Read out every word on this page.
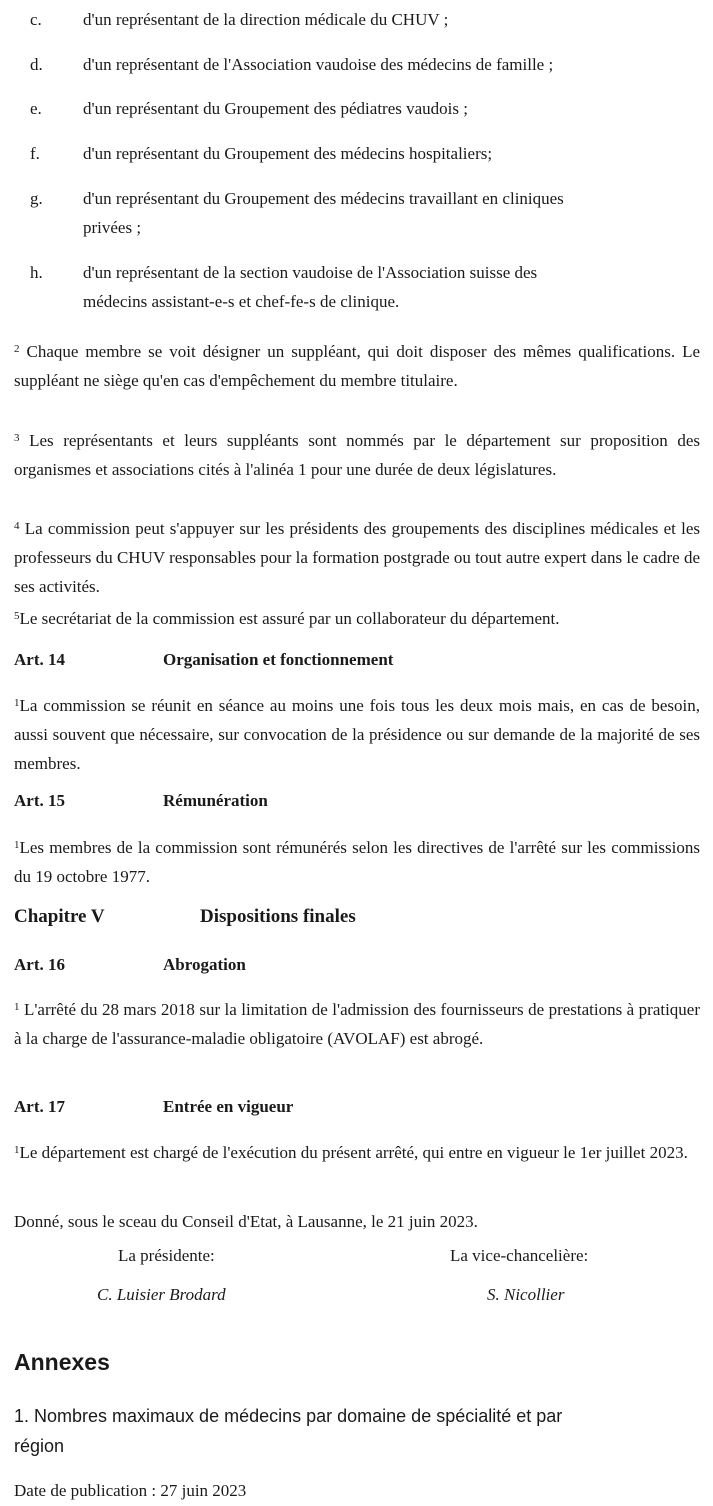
c. d'un représentant de la direction médicale du CHUV ;
d. d'un représentant de l'Association vaudoise des médecins de famille ;
e. d'un représentant du Groupement des pédiatres vaudois ;
f.	d'un représentant du Groupement des médecins hospitaliers;
g. d'un représentant du Groupement des médecins travaillant en cliniques
privées ;
h. d'un représentant de la section vaudoise de l'Association suisse des
médecins assistant-e-s et chef-fe-s de clinique.
$^2$ Chaque membre se voit désigner un suppléant, qui doit disposer des mêmes qualifications. Le suppléant ne siège qu'en cas d'empêchement du membre titulaire.
$^3$ Les représentants et leurs suppléants sont nommés par le département sur proposition des organismes et associations cités à l'alinéa 1 pour une durée de deux législatures.
$^4$ La commission peut s'appuyer sur les présidents des groupements des disciplines médicales et les professeurs du CHUV responsables pour la formation postgrade ou tout autre expert dans le cadre de ses activités.
$^5$Le secrétariat de la commission est assuré par un collaborateur du département.
Art. 14	Organisation et fonctionnement
$^1$La commission se réunit en séance au moins une fois tous les deux mois mais, en cas de besoin, aussi souvent que nécessaire, sur convocation de la présidence ou sur demande de la majorité de ses membres.
Art. 15	Rémunération
$^1$Les membres de la commission sont rémunérés selon les directives de l'arrêté sur les commissions du 19 octobre 1977.
Chapitre V	Dispositions finales
Art. 16	Abrogation
$^1$ L'arrêté du 28 mars 2018 sur la limitation de l'admission des fournisseurs de prestations à pratiquer à la charge de l'assurance-maladie obligatoire (AVOLAF) est abrogé.
Art. 17	Entrée en vigueur
$^1$Le département est chargé de l'exécution du présent arrêté, qui entre en vigueur le 1er juillet 2023.
Donné, sous le sceau du Conseil d'Etat, à Lausanne, le 21 juin 2023.
La présidente:	La vice-chancelière:
C. Luisier Brodard	S. Nicollier
Annexes
1. Nombres maximaux de médecins par domaine de spécialité et par
région
Date de publication : 27 juin 2023
